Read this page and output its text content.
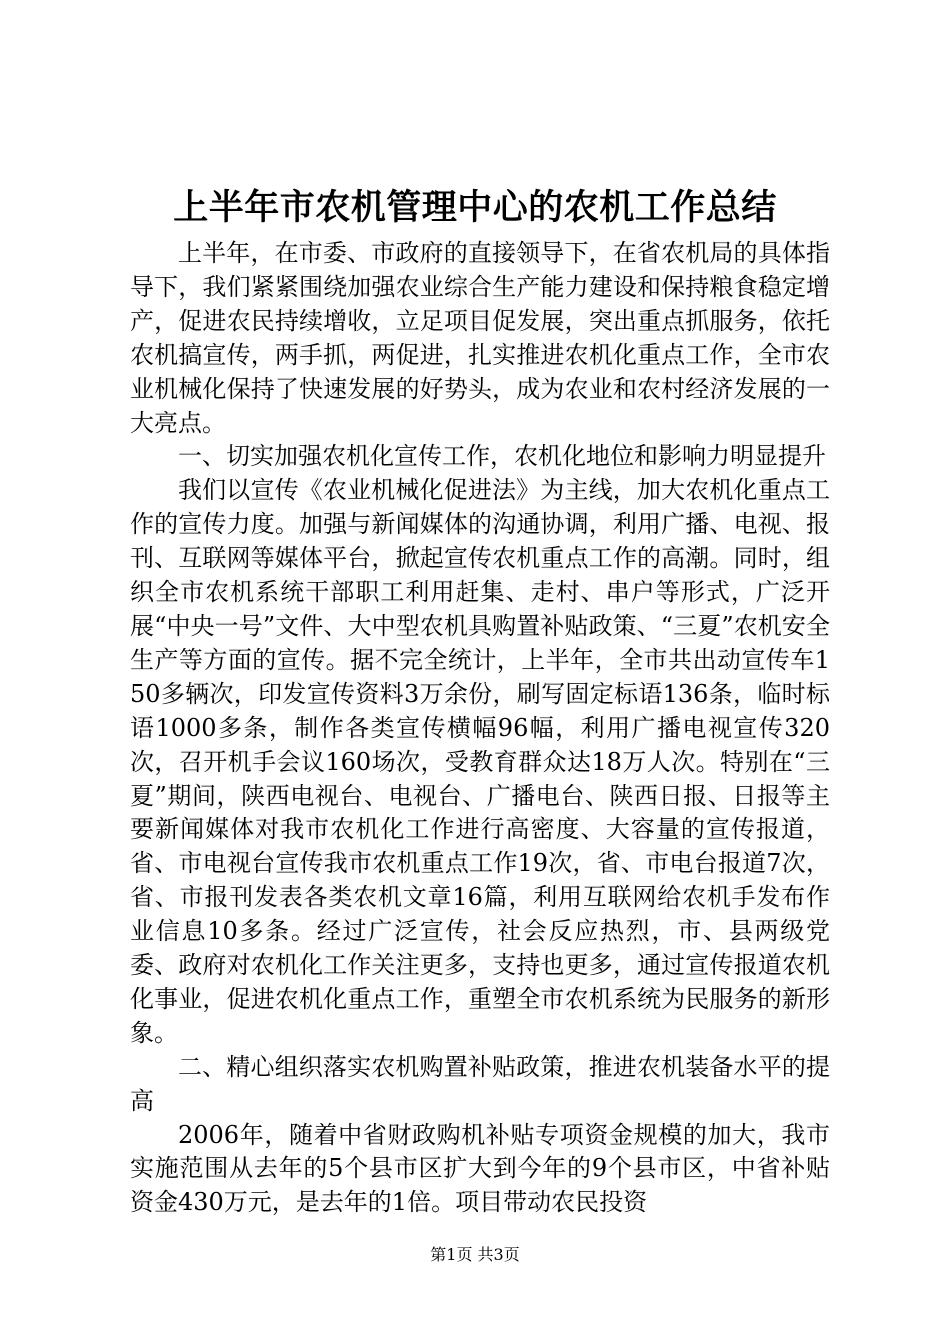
上半年市农机管理中心的农机工作总结

上半年，在市委、市政府的直接领导下，在省农机局的具体指导下，我们紧紧围绕加强农业综合生产能力建设和保持粮食稳定增产，促进农民持续增收，立足项目促发展，突出重点抓服务，依托农机搞宣传，两手抓，两促进，扎实推进农机化重点工作，全市农业机械化保持了快速发展的好势头，成为农业和农村经济发展的一大亮点。

一、切实加强农机化宣传工作，农机化地位和影响力明显提升

我们以宣传《农业机械化促进法》为主线，加大农机化重点工作的宣传力度。加强与新闻媒体的沟通协调，利用广播、电视、报刊、互联网等媒体平台，掀起宣传农机重点工作的高潮。同时，组织全市农机系统干部职工利用赶集、走村、串户等形式，广泛开展“中央一号”文件、大中型农机具购置补贴政策、“三夏”农机安全生产等方面的宣传。据不完全统计，上半年，全市共出动宣传车150多辆次，印发宣传资料3万余份，刷写固定标语136条，临时标语1000多条，制作各类宣传横幅96幅，利用广播电视宣传320次，召开机手会议160场次，受教育群众达18万人次。特别在“三夏”期间，陕西电视台、电视台、广播电台、陕西日报、日报等主要新闻媒体对我市农机化工作进行高密度、大容量的宣传报道，省、市电视台宣传我市农机重点工作19次，省、市电台报道7次，省、市报刊发表各类农机文章16篇，利用互联网给农机手发布作业信息10多条。经过广泛宣传，社会反应热烈，市、县两级党委、政府对农机化工作关注更多，支持也更多，通过宣传报道农机化事业，促进农机化重点工作，重塑全市农机系统为民服务的新形象。

二、精心组织落实农机购置补贴政策，推进农机装备水平的提高

2006年，随着中省财政购机补贴专项资金规模的加大，我市实施范围从去年的5个县市区扩大到今年的9个县市区，中省补贴资金430万元，是去年的1倍。项目带动农民投资

第1页 共3页
